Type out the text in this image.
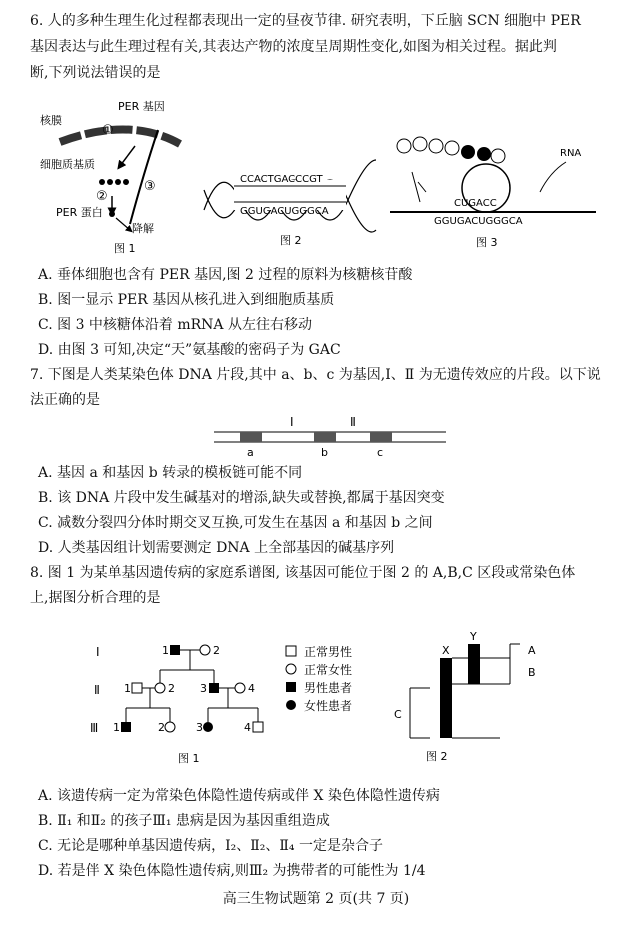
6. 人的多种生理生化过程都表现出一定的昼夜节律. 研究表明，下丘脑 SCN 细胞中 PER
基因表达与此生理过程有关,其表达产物的浓度呈周期性变化,如图为相关过程。据此判
断,下列说法错误的是
核膜
PER 基因
①
细胞质基质
②
③
PER 蛋白
降解
图 1
CCACTGACCCGT
GGUGACUGGGCA
图 2
RNA
CUGACC
GGUGACUGGGCA
图 3
A. 垂体细胞也含有 PER 基因,图 2 过程的原料为核糖核苷酸
B. 图一显示 PER 基因从核孔进入到细胞质基质
C. 图 3 中核糖体沿着 mRNA 从左往右移动
D. 由图 3 可知,决定“天”氨基酸的密码子为 GAC
7. 下图是人类某染色体 DNA 片段,其中 a、b、c 为基因,Ⅰ、Ⅱ 为无遗传效应的片段。以下说
法正确的是
Ⅰ	Ⅱ
a	b	c
A. 基因 a 和基因 b 转录的模板链可能不同
B. 该 DNA 片段中发生碱基对的增添,缺失或替换,都属于基因突变
C. 减数分裂四分体时期交叉互换,可发生在基因 a 和基因 b 之间
D. 人类基因组计划需要测定 DNA 上全部基因的碱基序列
8. 图 1 为某单基因遗传病的家庭系谱图, 该基因可能位于图 2 的 A,B,C 区段或常染色体
上,据图分析合理的是
Ⅰ
Ⅱ
Ⅲ
1	2
1	2 3	4
1	2	3	4
图 1
正常男性
正常女性
男性患者
女性患者
X
Y
A
B
C
图 2
A. 该遗传病一定为常染色体隐性遗传病或伴 X 染色体隐性遗传病
B. Ⅱ₁ 和Ⅱ₂ 的孩子Ⅲ₁ 患病是因为基因重组造成
C. 无论是哪种单基因遗传病，Ⅰ₂、Ⅱ₂、Ⅱ₄ 一定是杂合子
D. 若是伴 X 染色体隐性遗传病,则Ⅲ₂ 为携带者的可能性为 1/4
高三生物试题第 2 页(共 7 页)
